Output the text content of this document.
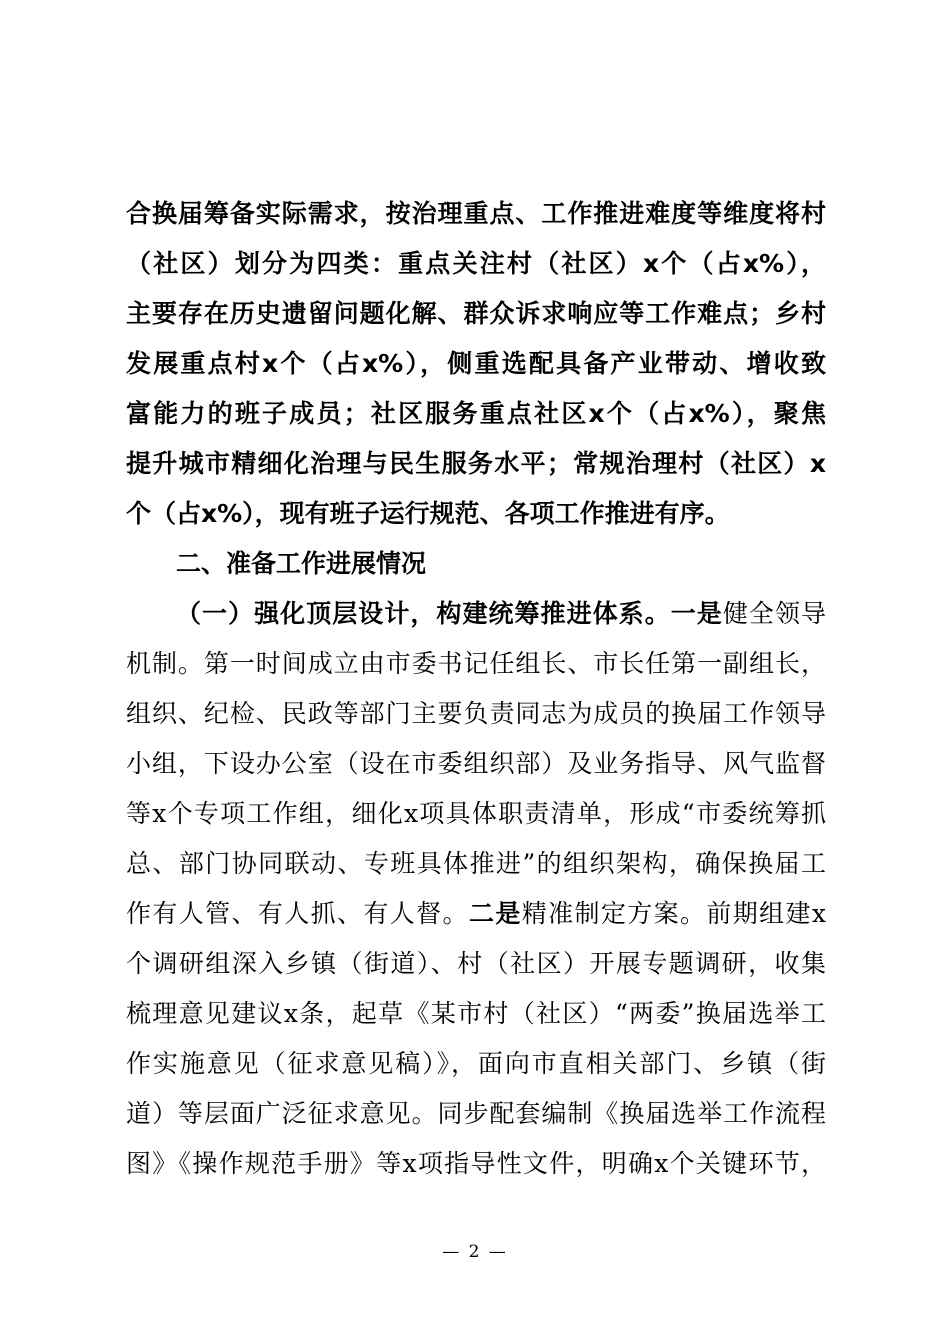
合换届筹备实际需求，按治理重点、工作推进难度等维度将村
（社区）划分为四类：重点关注村（社区）x个（占x%），
主要存在历史遗留问题化解、群众诉求响应等工作难点；乡村
发展重点村x个（占x%），侧重选配具备产业带动、增收致
富能力的班子成员；社区服务重点社区x个（占x%），聚焦
提升城市精细化治理与民生服务水平；常规治理村（社区）x
个（占x%），现有班子运行规范、各项工作推进有序。
二、准备工作进展情况
（一）强化顶层设计，构建统筹推进体系。一是健全领导
机制。第一时间成立由市委书记任组长、市长任第一副组长，
组织、纪检、民政等部门主要负责同志为成员的换届工作领导
小组，下设办公室（设在市委组织部）及业务指导、风气监督
等x个专项工作组，细化x项具体职责清单，形成“市委统筹抓
总、部门协同联动、专班具体推进”的组织架构，确保换届工
作有人管、有人抓、有人督。二是精准制定方案。前期组建x
个调研组深入乡镇（街道）、村（社区）开展专题调研，收集
梳理意见建议x条，起草《某市村（社区）“两委”换届选举工
作实施意见（征求意见稿）》，面向市直相关部门、乡镇（街
道）等层面广泛征求意见。同步配套编制《换届选举工作流程
图》《操作规范手册》等x项指导性文件，明确x个关键环节，
— 2 —
